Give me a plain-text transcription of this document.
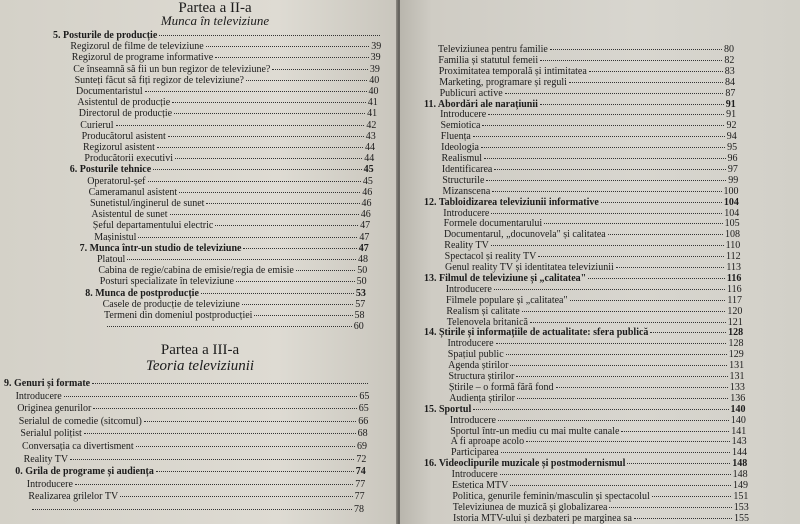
Partea a II-a
Munca în televiziune
5. Posturile de producție
Regizorul de filme de televiziune	39
Regizorul de programe informative	39
Ce înseamnă să fii un bun regizor de televiziune?	39
Sunteți făcut să fiți regizor de televiziune?	40
Documentaristul	40
Asistentul de producție	41
Directorul de producție	41
Curierul	42
Producătorul asistent	43
Regizorul asistent	44
Producătorii executivi	44
6. Posturile tehnice	45
Operatorul-șef	45
Cameramanul asistent	46
Sunetistul/inginerul de sunet	46
Asistentul de sunet	46
Șeful departamentului electric	47
Mașinistul	47
7. Munca într-un studio de televiziune	47
Platoul	48
Cabina de regie/cabina de emisie/regia de emisie	50
Posturi specializate în televiziune	50
8. Munca de postproducție	53
Casele de producție de televiziune	57
Termeni din domeniul postproducției	58
60
Partea a III-a
Teoria televiziunii
9. Genuri și formate
Introducere	65
Originea genurilor	65
Serialul de comedie (sitcomul)	66
Serialul polițist	68
Conversația ca divertisment	69
Reality TV	72
0. Grila de programe și audiența	74
Introducere	77
Realizarea grilelor TV	77
78
Televiziunea pentru familie	80
Familia și statutul femeii	82
Proximitatea temporală și intimitatea	83
Marketing, programare și reguli	84
Publicuri active	87
11. Abordări ale narațiunii	91
Introducere	91
Semiotica	92
Fluența	94
Ideologia	95
Realismul	96
Identificarea	97
Structurile	99
Mizanscena	100
12. Tabloidizarea televiziunii informative	104
Introducere	104
Formele documentarului	105
Documentarul, „docunovela" și calitatea	108
Reality TV	110
Spectacol și reality TV	112
Genul reality TV și identitatea televiziunii	113
13. Filmul de televiziune și „calitatea"	116
Introducere	116
Filmele populare și „calitatea"	117
Realism și calitate	120
Telenovela britanică	121
14. Știrile și informațiile de actualitate: sfera publică	128
Introducere	128
Spațiul public	129
Agenda știrilor	131
Structura știrilor	131
Știrile – o formă fără fond	133
Audiența știrilor	136
15. Sportul	140
Introducere	140
Sportul într-un mediu cu mai multe canale	141
A fi aproape acolo	143
Participarea	144
16. Videoclipurile muzicale și postmodernismul	148
Introducere	148
Estetica MTV	149
Politica, genurile feminin/masculin și spectacolul	151
Televiziunea de muzică și globalizarea	153
Istoria MTV-ului și dezbateri pe marginea sa	155
